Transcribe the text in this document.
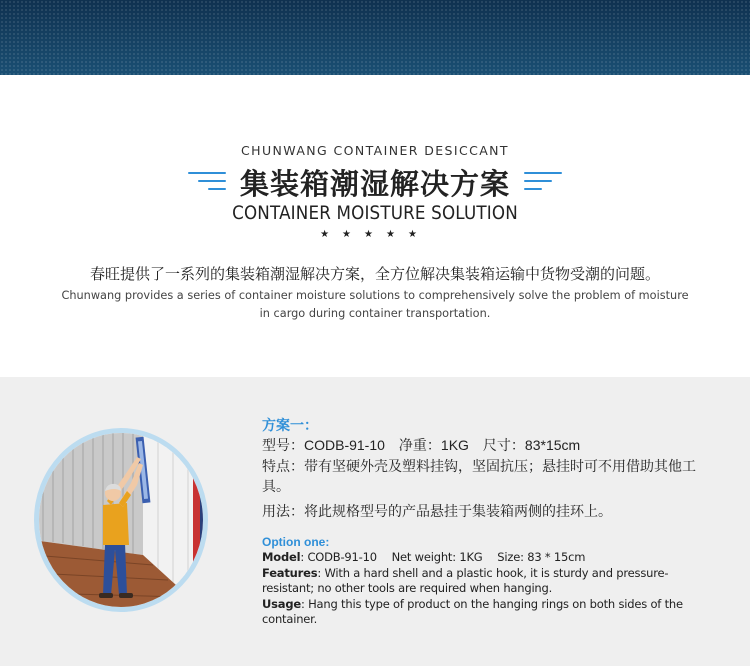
CHUNWANG CONTAINER DESICCANT
集装箱潮湿解决方案
CONTAINER MOISTURE SOLUTION
★★★★★
春旺提供了一系列的集装箱潮湿解决方案，全方位解决集装箱运输中货物受潮的问题。
Chunwang provides a series of container moisture solutions to comprehensively solve the problem of moisture in cargo during container transportation.
方案一：
型号：CODB-91-10　净重：1KG　尺寸：83*15cm
特点：带有坚硬外壳及塑料挂钩，坚固抗压；悬挂时可不用借助其他工具。
用法：将此规格型号的产品悬挂于集装箱两侧的挂环上。
Option one:
Model: CODB-91-10　 Net weight: 1KG　 Size: 83 * 15cm
Features: With a hard shell and a plastic hook, it is sturdy and pressure-resistant; no other tools are required when hanging.
Usage: Hang this type of product on the hanging rings on both sides of the container.
